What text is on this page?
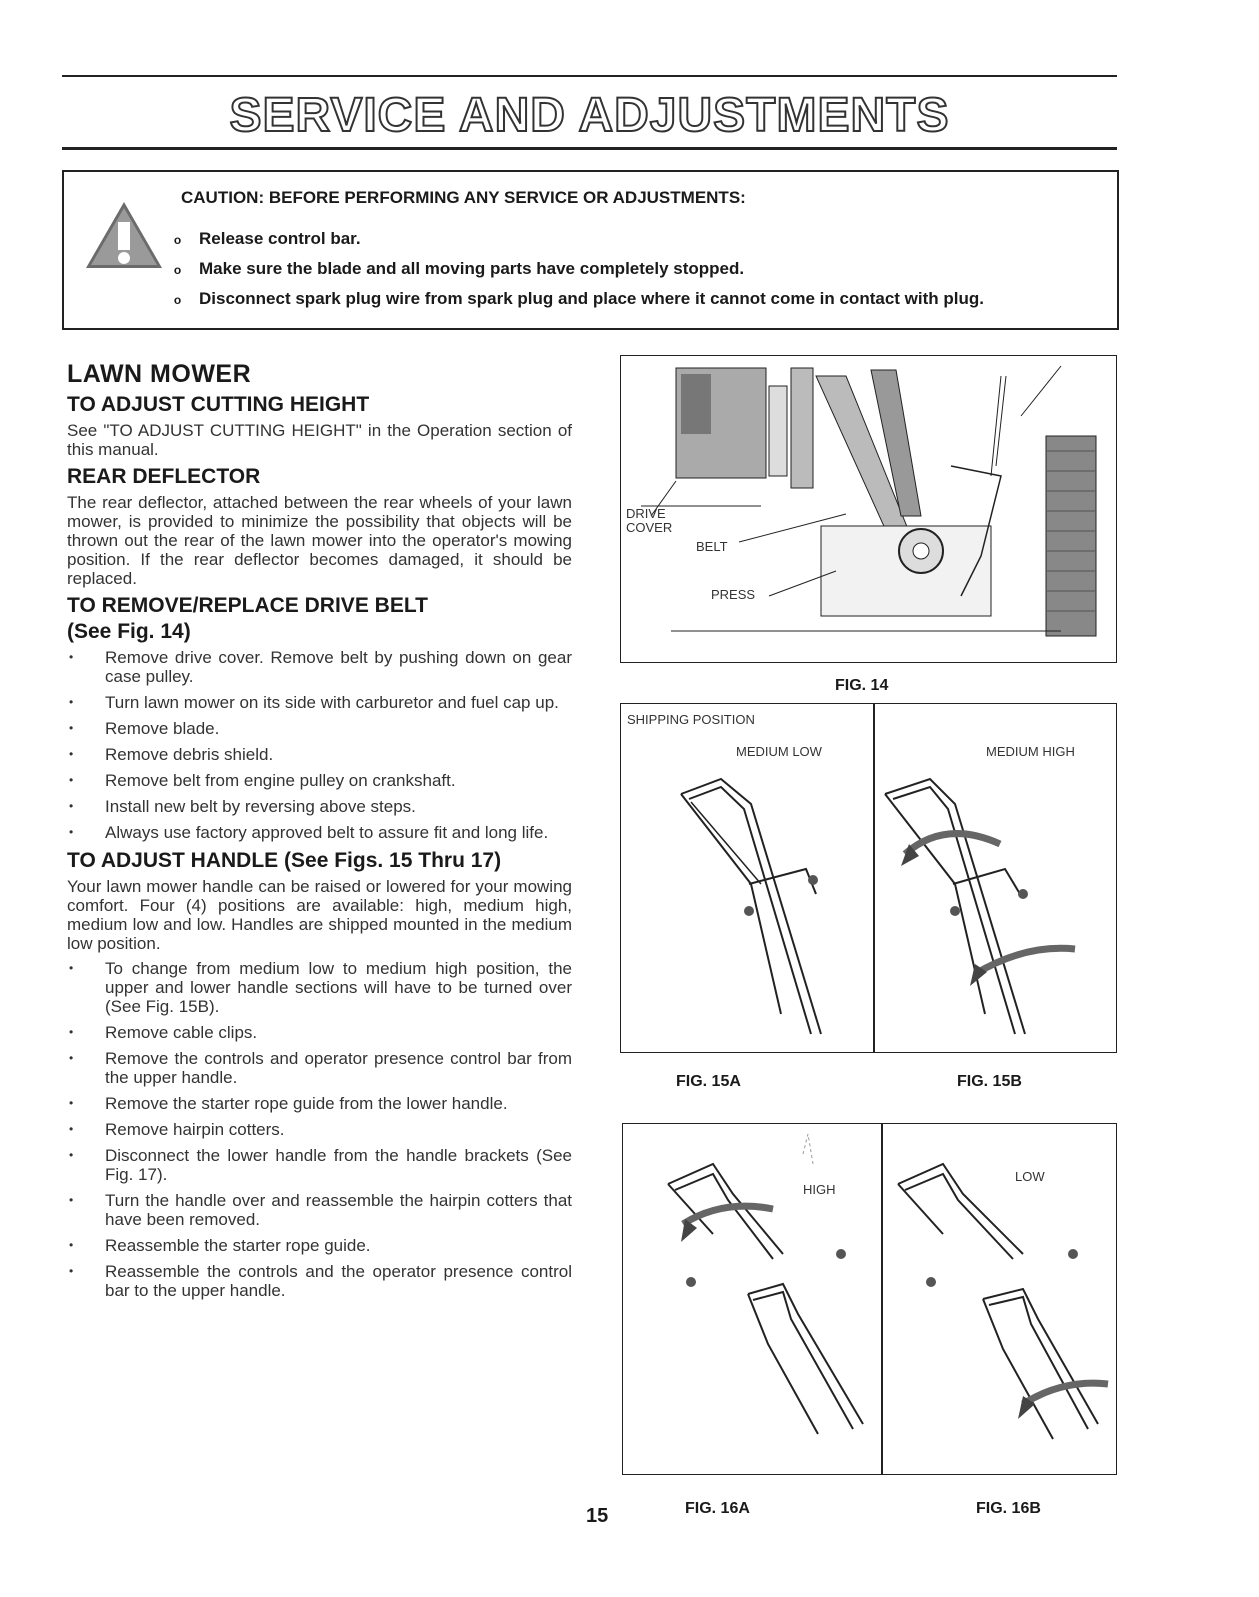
SERVICE AND ADJUSTMENTS
CAUTION: BEFORE PERFORMING ANY SERVICE OR ADJUSTMENTS:
o Release control bar.
o Make sure the blade and all moving parts have completely stopped.
o Disconnect spark plug wire from spark plug and place where it cannot come in contact with plug.
LAWN MOWER
TO ADJUST CUTTING HEIGHT

See "TO ADJUST CUTTING HEIGHT" in the Operation section of this manual.

REAR DEFLECTOR

The rear deflector, attached between the rear wheels of your lawn mower, is provided to minimize the possibility that objects will be thrown out the rear of the lawn mower into the operator's mowing position. If the rear deflector becomes damaged, it should be replaced.

TO REMOVE/REPLACE DRIVE BELT
(See Fig. 14)
• Remove drive cover. Remove belt by pushing down on gear case pulley.
• Turn lawn mower on its side with carburetor and fuel cap up.
• Remove blade.
• Remove debris shield.
• Remove belt from engine pulley on crankshaft.
• Install new belt by reversing above steps.
• Always use factory approved belt to assure fit and long life.
TO ADJUST HANDLE (See Figs. 15 Thru 17)

Your lawn mower handle can be raised or lowered for your mowing comfort. Four (4) positions are available: high, medium high, medium low and low. Handles are shipped mounted in the medium low position.

• To change from medium low to medium high position, the upper and lower handle sections will have to be turned over (See Fig. 15B).
• Remove cable clips.
• Remove the controls and operator presence control bar from the upper handle.
• Remove the starter rope guide from the lower handle.
• Remove hairpin cotters.
• Disconnect the lower handle from the handle brackets (See Fig. 17).
• Turn the handle over and reassemble the hairpin cotters that have been removed.
• Reassemble the starter rope guide.
• Reassemble the controls and the operator presence control bar to the upper handle.
DRIVE
COVER
BELT
PRESS
FIG. 14
SHIPPING POSITION
MEDIUM LOW	MEDIUM HIGH
FIG. 15A	FIG. 15B
HIGH
LOW
FIG. 16A	FIG. 16B
15
